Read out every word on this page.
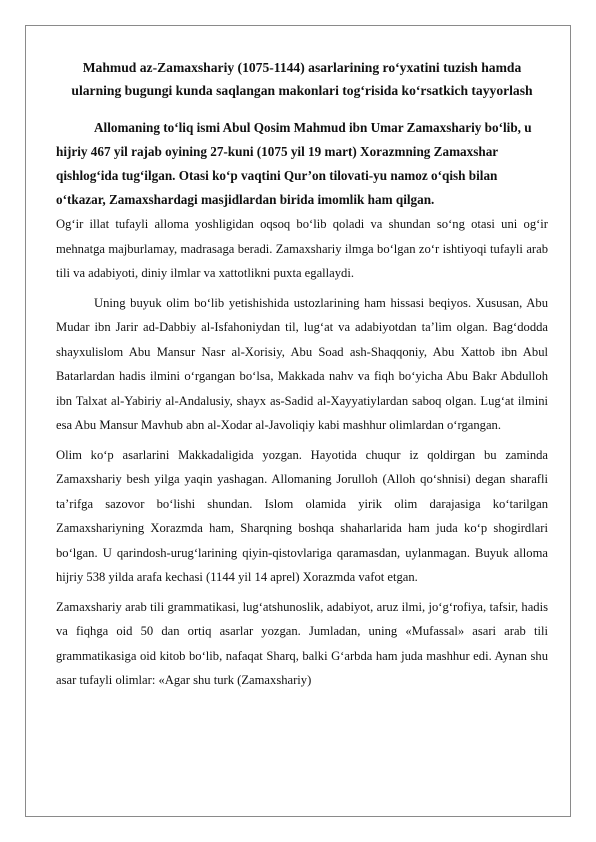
Mahmud az-Zamaxshariy (1075-1144) asarlarining ro‘yxatini tuzish hamda
ularning bugungi kunda saqlangan makonlari tog‘risida ko‘rsatkich tayyorlash

Allomaning to‘liq ismi Abul Qosim Mahmud ibn Umar Zamaxshariy bo‘lib, u hijriy 467 yil rajab oyining 27-kuni (1075 yil 19 mart) Xorazmning Zamaxshar qishlog‘ida tug‘ilgan. Otasi ko‘p vaqtini Qur’on tilovati-yu namoz o‘qish bilan o‘tkazar, Zamaxshardagi masjidlardan birida imomlik ham qilgan.

Og‘ir illat tufayli alloma yoshligidan oqsoq bo‘lib qoladi va shundan so‘ng otasi uni og‘ir mehnatga majburlamay, madrasaga beradi. Zamaxshariy ilmga bo‘lgan zo‘r ishtiyoqi tufayli arab tili va adabiyoti, diniy ilmlar va xattotlikni puxta egallaydi.

Uning buyuk olim bo‘lib yetishishida ustozlarining ham hissasi beqiyos. Xususan, Abu Mudar ibn Jarir ad-Dabbiy al-Isfahoniydan til, lug‘at va adabiyotdan ta’lim olgan. Bag‘dodda shayxulislom Abu Mansur Nasr al-Xorisiy, Abu Soad ash-Shaqqoniy, Abu Xattob ibn Abul Batarlardan hadis ilmini o‘rgangan bo‘lsa, Makkada nahv va fiqh bo‘yicha Abu Bakr Abdulloh ibn Talxat al-Yabiriy al-Andalusiy, shayx as-Sadid al-Xayyatiylardan saboq olgan. Lug‘at ilmini esa Abu Mansur Mavhub abn al-Xodar al-Javoliqiy kabi mashhur olimlardan o‘rgangan.

Olim ko‘p asarlarini Makkadaligida yozgan. Hayotida chuqur iz qoldirgan bu zaminda Zamaxshariy besh yilga yaqin yashagan. Allomaning Jorulloh (Alloh qo‘shnisi) degan sharafli ta’rifga sazovor bo‘lishi shundan. Islom olamida yirik olim darajasiga ko‘tarilgan Zamaxshariyning Xorazmda ham, Sharqning boshqa shaharlarida ham juda ko‘p shogirdlari bo‘lgan. U qarindosh-urug‘larining qiyin-qistovlariga qaramasdan, uylanmagan. Buyuk alloma hijriy 538 yilda arafa kechasi (1144 yil 14 aprel) Xorazmda vafot etgan.

Zamaxshariy arab tili grammatikasi, lug‘atshunoslik, adabiyot, aruz ilmi, jo‘g‘rofiya, tafsir, hadis va fiqhga oid 50 dan ortiq asarlar yozgan. Jumladan, uning «Mufassal» asari arab tili grammatikasiga oid kitob bo‘lib, nafaqat Sharq, balki G‘arbda ham juda mashhur edi. Aynan shu asar tufayli olimlar: «Agar shu turk (Zamaxshariy)
